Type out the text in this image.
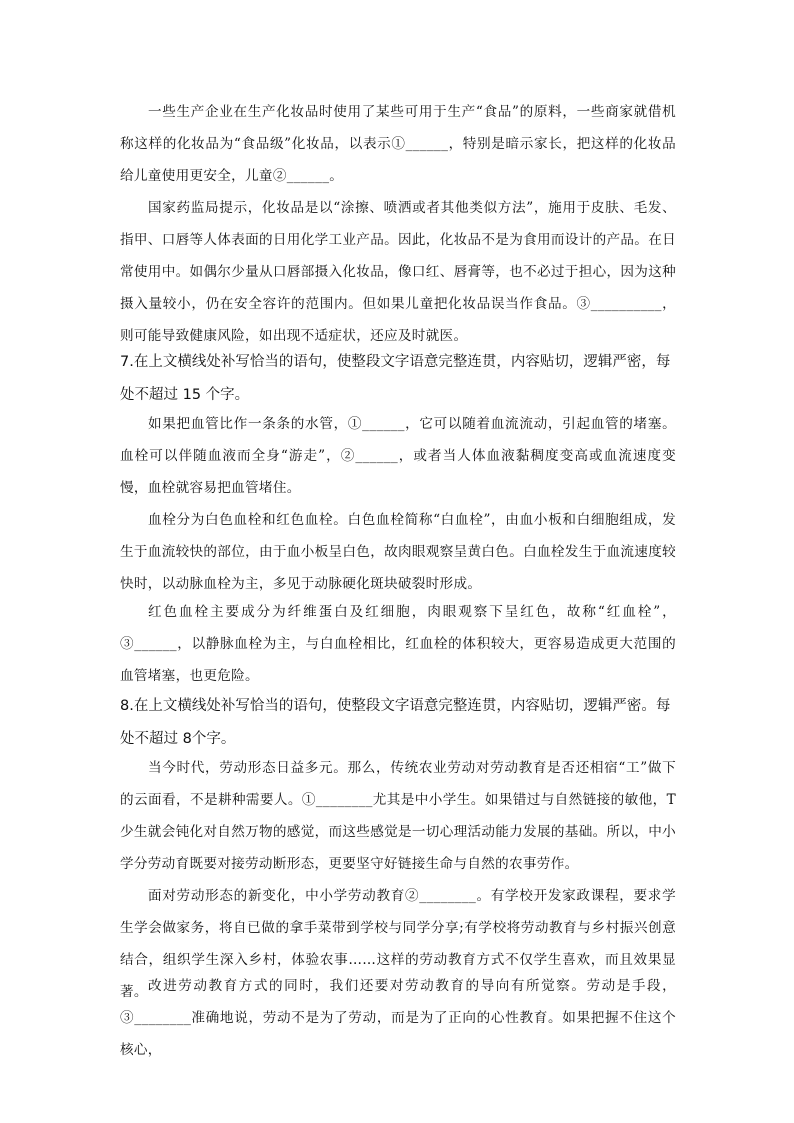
一些生产企业在生产化妆品时使用了某些可用于生产“食品”的原料，一些商家就借机称这样的化妆品为“食品级”化妆品，以表示①______，特别是暗示家长，把这样的化妆品给儿童使用更安全，儿童②______。

国家药监局提示，化妆品是以“涂擦、喷洒或者其他类似方法”，施用于皮肤、毛发、指甲、口唇等人体表面的日用化学工业产品。因此，化妆品不是为食用而设计的产品。在日常使用中。如偶尔少量从口唇部摄入化妆品，像口红、唇膏等，也不必过于担心，因为这种摄入量较小，仍在安全容许的范围内。但如果儿童把化妆品误当作食品。③__________，则可能导致健康风险，如出现不适症状，还应及时就医。

7.在上文横线处补写恰当的语句，使整段文字语意完整连贯，内容贴切，逻辑严密，每处不超过 15 个字。

如果把血管比作一条条的水管，①______，它可以随着血流流动，引起血管的堵塞。血栓可以伴随血液而全身“游走”，②______，或者当人体血液黏稠度变高或血流速度变慢，血栓就容易把血管堵住。

血栓分为白色血栓和红色血栓。白色血栓简称“白血栓”，由血小板和白细胞组成，发生于血流较快的部位，由于血小板呈白色，故肉眼观察呈黄白色。白血栓发生于血流速度较快时，以动脉血栓为主，多见于动脉硬化斑块破裂时形成。

红色血栓主要成分为纤维蛋白及红细胞，肉眼观察下呈红色，故称“红血栓”，③______，以静脉血栓为主，与白血栓相比，红血栓的体积较大，更容易造成更大范围的血管堵塞，也更危险。

8.在上文横线处补写恰当的语句，使整段文字语意完整连贯，内容贴切，逻辑严密。每处不超过 8个字。

当今时代，劳动形态日益多元。那么，传统农业劳动对劳动教育是否还相宿“工”做下的云面看，不是耕种需要人。①________尤其是中小学生。如果错过与自然链接的敏他，T少生就会钝化对自然万物的感觉，而这些感觉是一切心理活动能力发展的基础。所以，中小学分劳动育既要对接劳动断形态，更要坚守好链接生命与自然的农事劳作。

面对劳动形态的新变化，中小学劳动教育②________。有学校开发家政课程，要求学生学会做家务，将自已做的拿手菜带到学校与同学分享;有学校将劳动教育与乡村振兴创意结合，组织学生深入乡村，体验农事……这样的劳动教育方式不仅学生喜欢，而且效果显著。 改进劳动教育方式的同时，我们还要对劳动教育的导向有所觉察。劳动是手段，③________准确地说，劳动不是为了劳动，而是为了正向的心性教育。如果把握不住这个核心，
